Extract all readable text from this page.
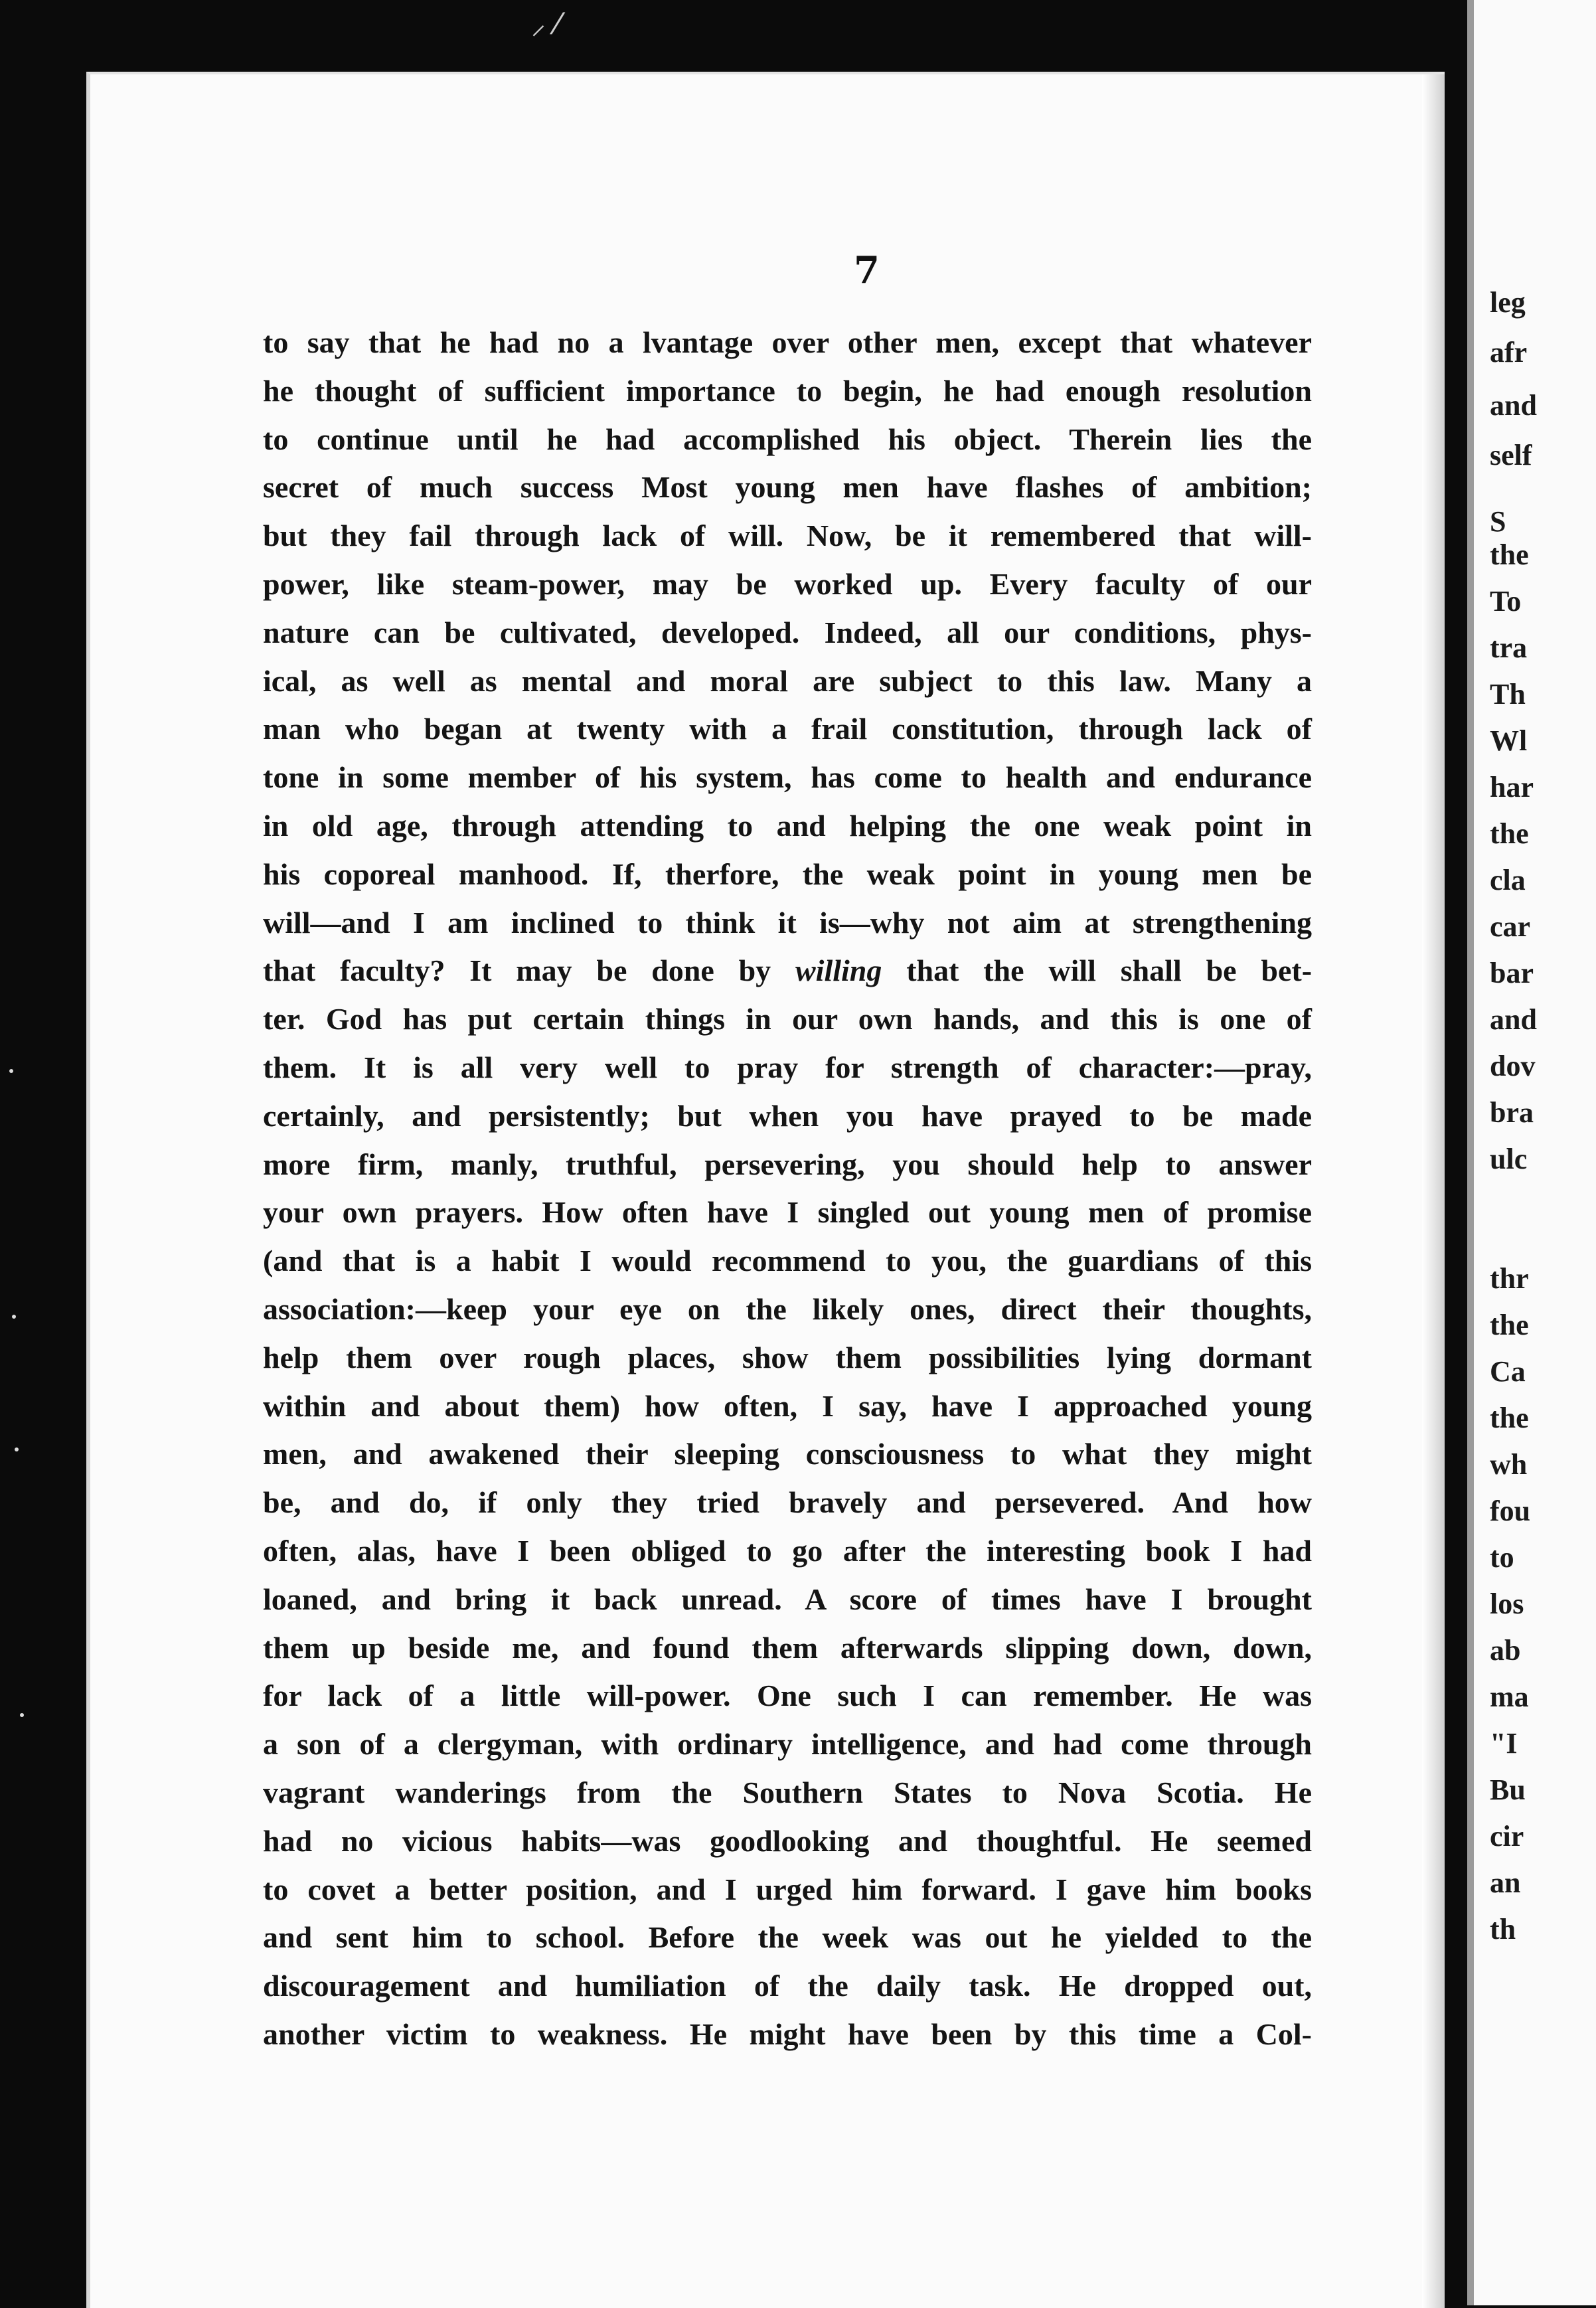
⸝ ⁄
7
to say that he had no a lvantage over other men, except that whatever
he thought of sufficient importance to begin, he had enough resolution
to continue until he had accomplished his object. Therein lies the
secret of much success Most young men have flashes of ambition;
but they fail through lack of will. Now, be it remembered that will-
power, like steam-power, may be worked up. Every faculty of our
nature can be cultivated, developed. Indeed, all our conditions, phys-
ical, as well as mental and moral are subject to this law. Many a
man who began at twenty with a frail constitution, through lack of
tone in some member of his system, has come to health and endurance
in old age, through attending to and helping the one weak point in
his coporeal manhood. If, therfore, the weak point in young men be
will—and I am inclined to think it is—why not aim at strengthening
that faculty? It may be done by willing that the will shall be bet-
ter. God has put certain things in our own hands, and this is one of
them. It is all very well to pray for strength of character:—pray,
certainly, and persistently; but when you have prayed to be made
more firm, manly, truthful, persevering, you should help to answer
your own prayers. How often have I singled out young men of promise
(and that is a habit I would recommend to you, the guardians of this
association:—keep your eye on the likely ones, direct their thoughts,
help them over rough places, show them possibilities lying dormant
within and about them) how often, I say, have I approached young
men, and awakened their sleeping consciousness to what they might
be, and do, if only they tried bravely and persevered. And how
often, alas, have I been obliged to go after the interesting book I had
loaned, and bring it back unread. A score of times have I brought
them up beside me, and found them afterwards slipping down, down,
for lack of a little will-power. One such I can remember. He was
a son of a clergyman, with ordinary intelligence, and had come through
vagrant wanderings from the Southern States to Nova Scotia. He
had no vicious habits—was goodlooking and thoughtful. He seemed
to covet a better position, and I urged him forward. I gave him books
and sent him to school. Before the week was out he yielded to the
discouragement and humiliation of the daily task. He dropped out,
another victim to weakness. He might have been by this time a Col-
leg
afr
and
self
S
the
To
tra
Th
Wl
har
the
cla
car
bar
and
dov
bra
ulc
thr
the
Ca
the
wh
fou
to
los
ab
ma
"I
Bu
cir
an
th
